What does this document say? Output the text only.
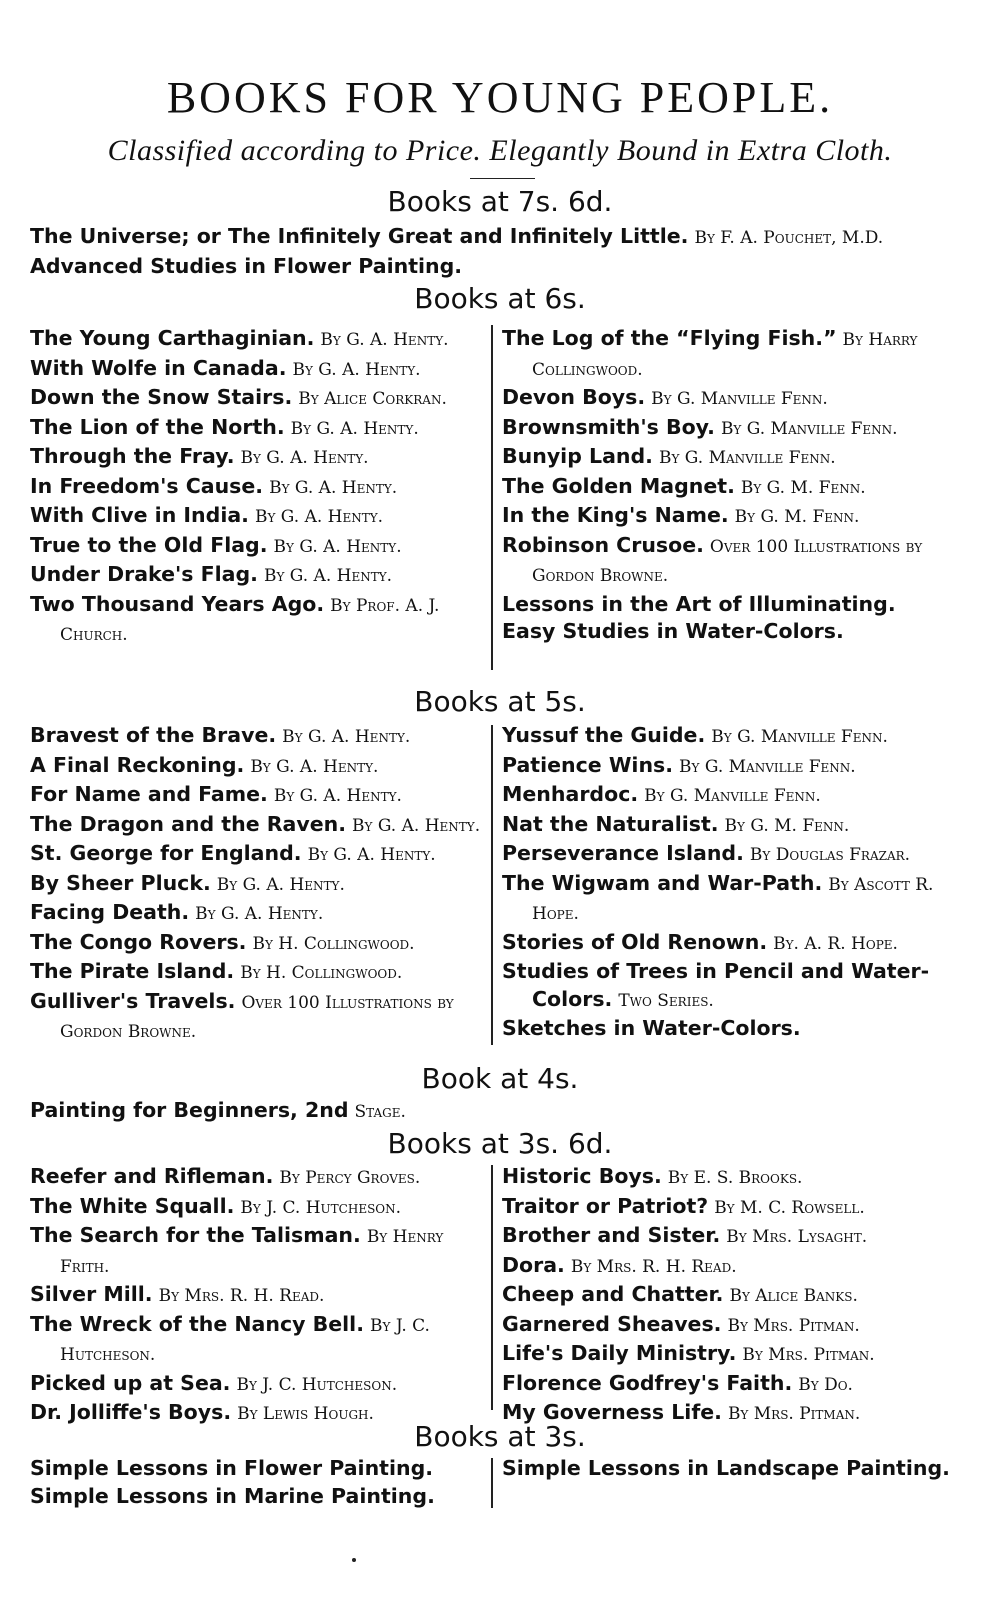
BOOKS FOR YOUNG PEOPLE.
Classified according to Price. Elegantly Bound in Extra Cloth.
Books at 7s. 6d.

The Universe; or The Infinitely Great and Infinitely Little. By F. A. Pouchet, M.D.

Advanced Studies in Flower Painting.

Books at 6s.

The Young Carthaginian. By G. A. Henty.

With Wolfe in Canada. By G. A. Henty.

Down the Snow Stairs. By Alice Corkran.

The Lion of the North. By G. A. Henty.

Through the Fray. By G. A. Henty.

In Freedom's Cause. By G. A. Henty.

With Clive in India. By G. A. Henty.

True to the Old Flag. By G. A. Henty.

Under Drake's Flag. By G. A. Henty.

Two Thousand Years Ago. By Prof. A. J. Church.

The Log of the “Flying Fish.” By Harry Collingwood.

Devon Boys. By G. Manville Fenn.

Brownsmith's Boy. By G. Manville Fenn.

Bunyip Land. By G. Manville Fenn.

The Golden Magnet. By G. M. Fenn.

In the King's Name. By G. M. Fenn.

Robinson Crusoe. Over 100 Illustrations by Gordon Browne.

Lessons in the Art of Illuminating.

Easy Studies in Water-Colors.

Books at 5s.

Bravest of the Brave. By G. A. Henty.

A Final Reckoning. By G. A. Henty.

For Name and Fame. By G. A. Henty.

The Dragon and the Raven. By G. A. Henty.

St. George for England. By G. A. Henty.

By Sheer Pluck. By G. A. Henty.

Facing Death. By G. A. Henty.

The Congo Rovers. By H. Collingwood.

The Pirate Island. By H. Collingwood.

Gulliver's Travels. Over 100 Illustrations by Gordon Browne.

Yussuf the Guide. By G. Manville Fenn.

Patience Wins. By G. Manville Fenn.

Menhardoc. By G. Manville Fenn.

Nat the Naturalist. By G. M. Fenn.

Perseverance Island. By Douglas Frazar.

The Wigwam and War-Path. By Ascott R. Hope.

Stories of Old Renown. By. A. R. Hope.

Studies of Trees in Pencil and Water-Colors. Two Series.

Sketches in Water-Colors.

Book at 4s.

Painting for Beginners, 2nd Stage.

Books at 3s. 6d.

Reefer and Rifleman. By Percy Groves.

The White Squall. By J. C. Hutcheson.

The Search for the Talisman. By Henry Frith.

Silver Mill. By Mrs. R. H. Read.

The Wreck of the Nancy Bell. By J. C. Hutcheson.

Picked up at Sea. By J. C. Hutcheson.

Dr. Jolliffe's Boys. By Lewis Hough.

Historic Boys. By E. S. Brooks.

Traitor or Patriot? By M. C. Rowsell.

Brother and Sister. By Mrs. Lysaght.

Dora. By Mrs. R. H. Read.

Cheep and Chatter. By Alice Banks.

Garnered Sheaves. By Mrs. Pitman.

Life's Daily Ministry. By Mrs. Pitman.

Florence Godfrey's Faith. By Do.

My Governess Life. By Mrs. Pitman.

Books at 3s.

Simple Lessons in Flower Painting.

Simple Lessons in Marine Painting.

Simple Lessons in Landscape Painting.
